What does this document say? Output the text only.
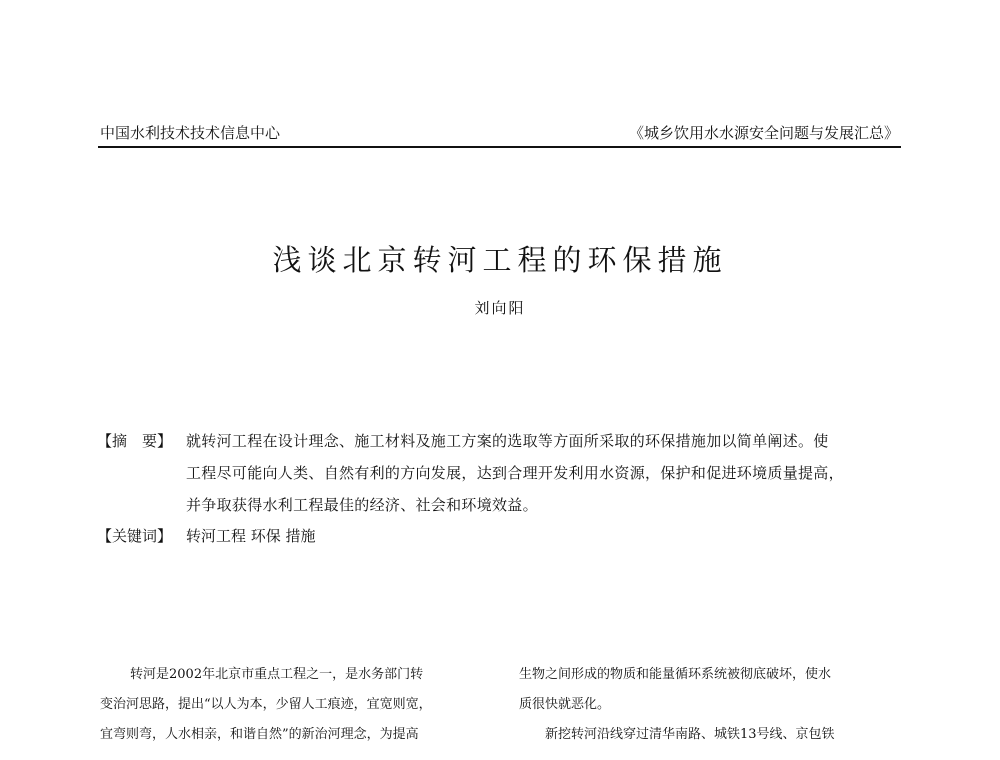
中国水利技术技术信息中心	《城乡饮用水水源安全问题与发展汇总》
浅谈北京转河工程的环保措施
刘向阳
【摘　要】 就转河工程在设计理念、施工材料及施工方案的选取等方面所采取的环保措施加以简单阐述。使
工程尽可能向人类、自然有利的方向发展，达到合理开发利用水资源，保护和促进环境质量提高，
并争取获得水利工程最佳的经济、社会和环境效益。
【关键词】 转河工程 环保 措施
转河是2002年北京市重点工程之一，是水务部门转
变治河思路，提出“以人为本，少留人工痕迹，宜宽则宽，
宜弯则弯，人水相亲，和谐自然”的新治河理念，为提高
生物之间形成的物质和能量循环系统被彻底破坏，使水
质很快就恶化。
新挖转河沿线穿过清华南路、城铁13号线、京包铁
